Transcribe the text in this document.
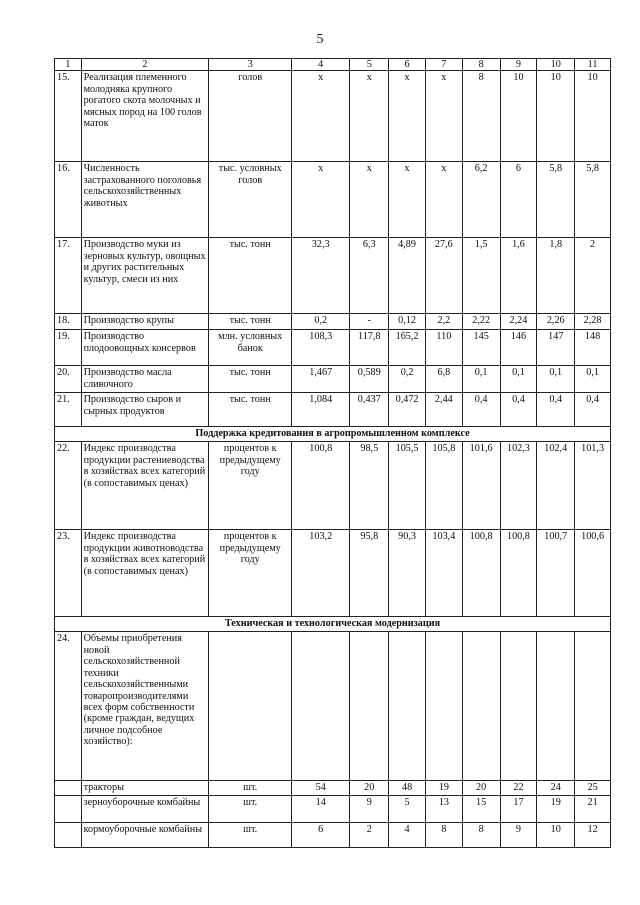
5
1	2	3	4	5	6	7	8	9	10	11
15.	Реализация племенного молодняка крупного рогатого скота молочных и мясных пород на 100 голов маток	голов	x	x	x	x	8	10	10	10
16.	Численность застрахованного поголовья сельскохозяйственных животных	тыс. условных голов	x	x	x	x	6,2	6	5,8	5,8
17.	Производство муки из зерновых культур, овощных и других растительных культур, смеси из них	тыс. тонн	32,3	6,3	4,89	27,6	1,5	1,6	1,8	2
18.	Производство крупы	тыс. тонн	0,2	-	0,12	2,2	2,22	2,24	2,26	2,28
19.	Производство плодоовощных консервов	млн. условных банок	108,3	117,8	165,2	110	145	146	147	148
20.	Производство масла сливочного	тыс. тонн	1,467	0,589	0,2	6,8	0,1	0,1	0,1	0,1
21.	Производство сыров и сырных продуктов	тыс. тонн	1,084	0,437	0,472	2,44	0,4	0,4	0,4	0,4
Поддержка кредитования в агропромышленном комплексе										
22.	Индекс производства продукции растениеводства в хозяйствах всех категорий (в сопоставимых ценах)	процентов к предыдущему году	100,8	98,5	105,5	105,8	101,6	102,3	102,4	101,3
23.	Индекс производства продукции животноводства в хозяйствах всех категорий (в сопоставимых ценах)	процентов к предыдущему году	103,2	95,8	90,3	103,4	100,8	100,8	100,7	100,6
Техническая и технологическая модернизация										
24.	Объемы приобретения новой сельскохозяйственной техники сельскохозяйственными товаропроизводителями всех форм собственности (кроме граждан, ведущих личное подсобное хозяйство):									
	тракторы	шт.	54	20	48	19	20	22	24	25
	зерноуборочные комбайны	шт.	14	9	5	13	15	17	19	21
	кормоуборочные комбайны	шт.	6	2	4	8	8	9	10	12
